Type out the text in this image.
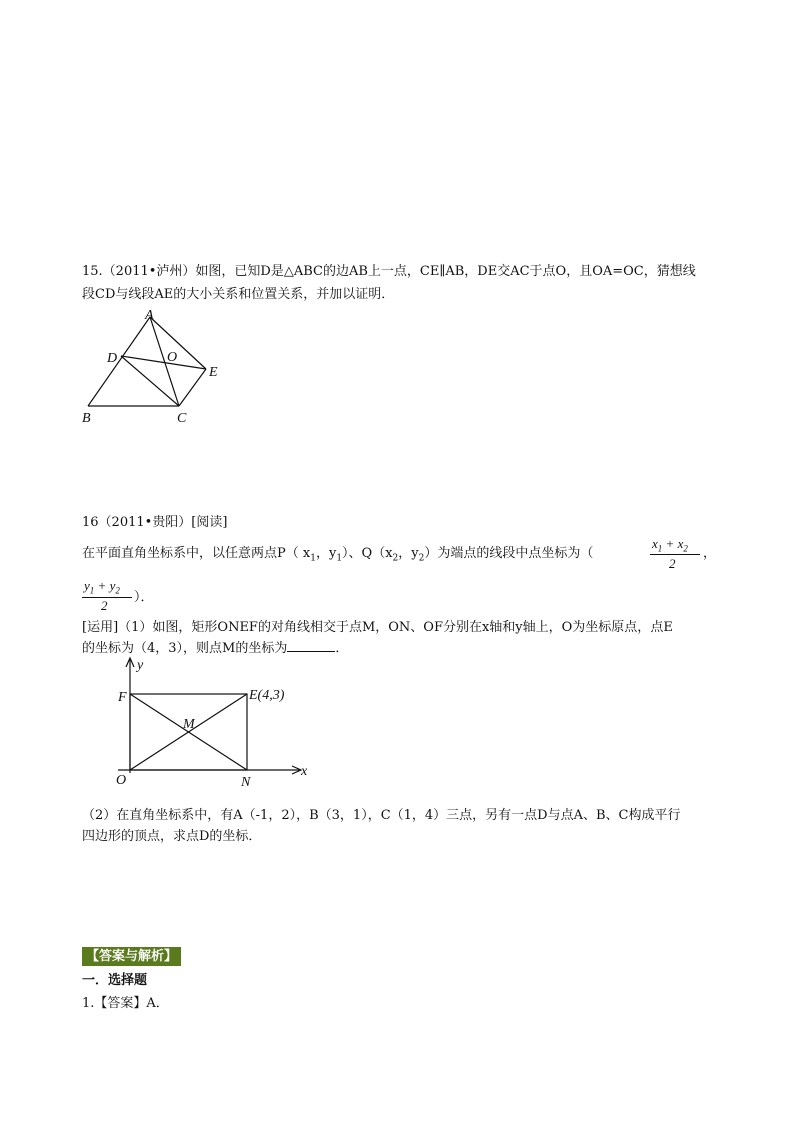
15.（2011•泸州）如图，已知D是△ABC的边AB上一点，CE∥AB，DE交AC于点O，且OA=OC，猜想线
段CD与线段AE的大小关系和位置关系，并加以证明．
A
B	C
D
E
O
16（2011•贵阳）[阅读]
在平面直角坐标系中，以任意两点P（ $x_1$，$y_1$）、$Q(x_2$，$y_2$）为端点的线段中点坐标为（
$x_1 + x_2$
2
，
$y_1 + y_2$
2
）．
[运用]（1）如图，矩形ONEF的对角线相交于点M，ON、OF分别在x轴和y轴上，O为坐标原点，点E
的坐标为（4，3），则点M的坐标为	．
y
x
F	E(4,3)
M
O	N
（2）在直角坐标系中，有A（-1，2），B（3，1），C（1，4）三点，另有一点D与点A、B、C构成平行
四边形的顶点，求点D的坐标．
【答案与解析】
一．选择题
1.【答案】A．
